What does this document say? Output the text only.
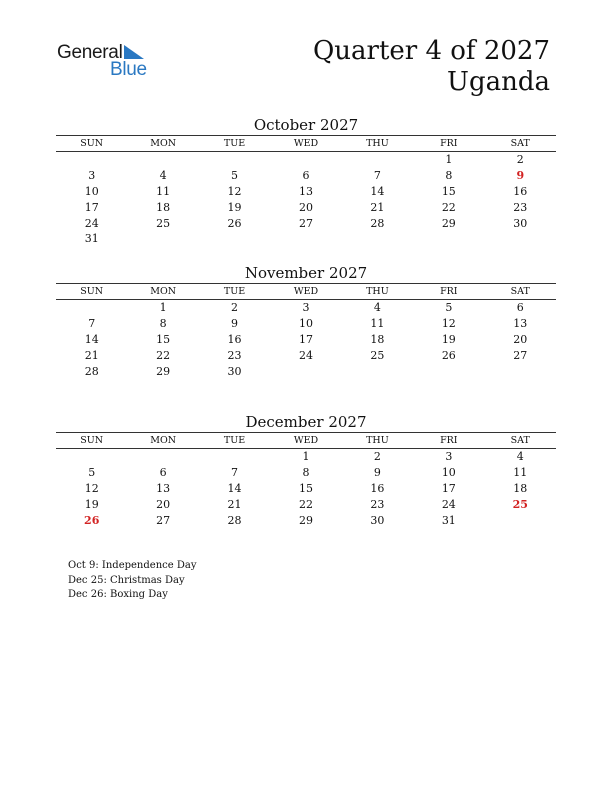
General
Blue
Quarter 4 of 2027
Uganda
October 2027
SUN	MON	TUE	WED	THU	FRI	SAT
					1	2
3	4	5	6	7	8	9
10	11	12	13	14	15	16
17	18	19	20	21	22	23
24	25	26	27	28	29	30
31						
November 2027
SUN	MON	TUE	WED	THU	FRI	SAT
	1	2	3	4	5	6
7	8	9	10	11	12	13
14	15	16	17	18	19	20
21	22	23	24	25	26	27
28	29	30				
December 2027
SUN	MON	TUE	WED	THU	FRI	SAT
			1	2	3	4
5	6	7	8	9	10	11
12	13	14	15	16	17	18
19	20	21	22	23	24	25
26	27	28	29	30	31	
Oct 9: Independence Day
Dec 25: Christmas Day
Dec 26: Boxing Day
